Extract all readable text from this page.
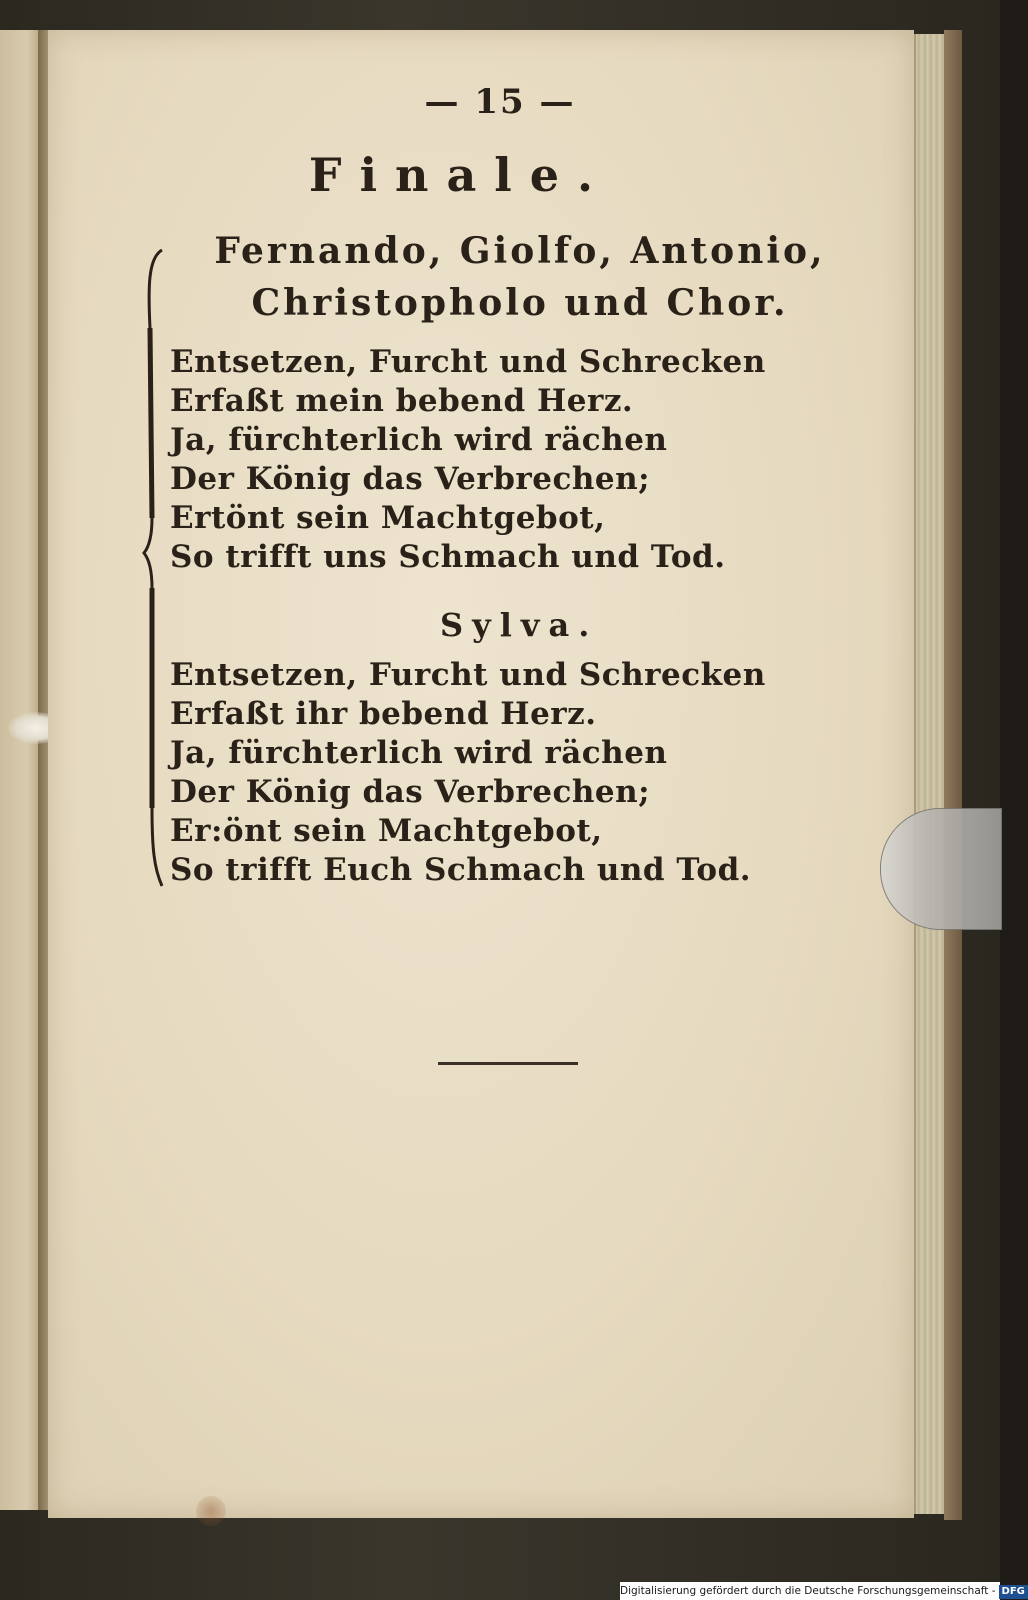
— 15 —
Finale.
Fernando, Giolfo, Antonio,
Christopholo und Chor.
Entsetzen, Furcht und Schrecken
Erfaßt mein bebend Herz.
Ja, fürchterlich wird rächen
Der König das Verbrechen;
Ertönt sein Machtgebot,
So trifft uns Schmach und Tod.
Sylva.
Entsetzen, Furcht und Schrecken
Erfaßt ihr bebend Herz.
Ja, fürchterlich wird rächen
Der König das Verbrechen;
Er:önt sein Machtgebot,
So trifft Euch Schmach und Tod.
Digitalisierung gefördert durch die Deutsche Forschungsgemeinschaft - DFG
